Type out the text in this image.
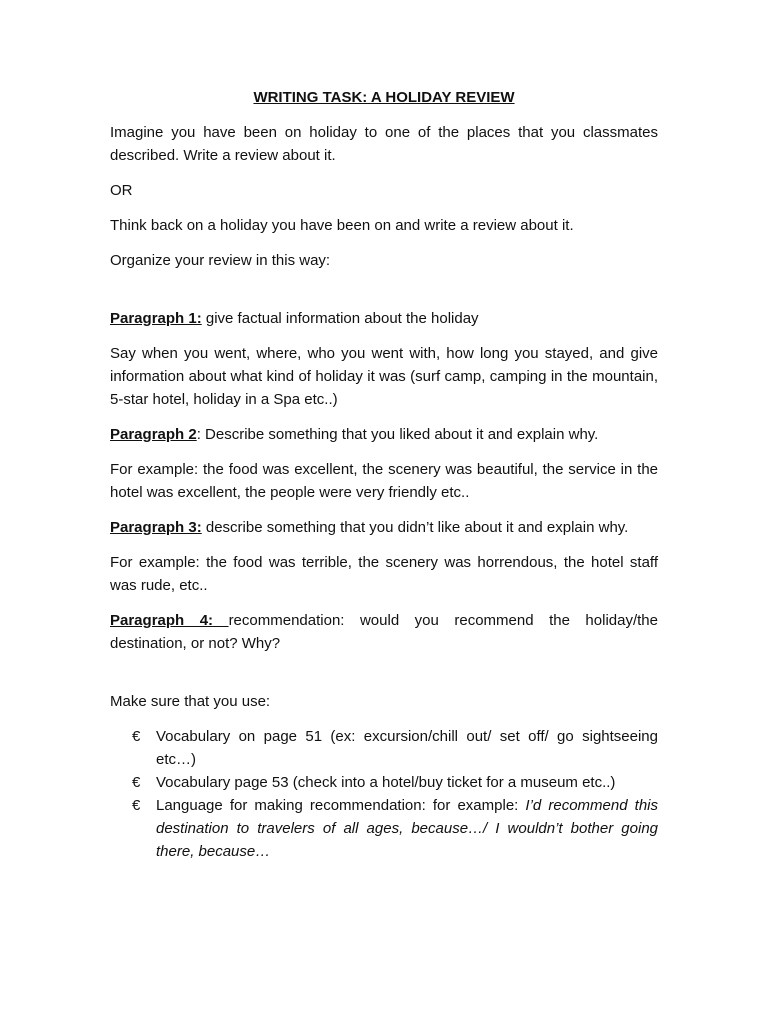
WRITING TASK: A HOLIDAY REVIEW

Imagine you have been on holiday to one of the places that you classmates described. Write a review about it.

OR

Think back on a holiday you have been on and write a review about it.

Organize your review in this way:

Paragraph 1: give factual information about the holiday

Say when you went, where, who you went with, how long you stayed, and give information about what kind of holiday it was (surf camp, camping in the mountain, 5-star hotel, holiday in a Spa etc..)

Paragraph 2: Describe something that you liked about it and explain why.

For example: the food was excellent, the scenery was beautiful, the service in the hotel was excellent, the people were very friendly etc..

Paragraph 3: describe something that you didn’t like about it and explain why.

For example: the food was terrible, the scenery was horrendous, the hotel staff was rude, etc..

Paragraph 4: recommendation: would you recommend the holiday/the destination, or not? Why?

Make sure that you use:

€ Vocabulary on page 51 (ex: excursion/chill out/ set off/ go sightseeing etc…)
€ Vocabulary page 53 (check into a hotel/buy ticket for a museum etc..)
€ Language for making recommendation: for example: I’d recommend this destination to travelers of all ages, because…/ I wouldn’t bother going there, because…
